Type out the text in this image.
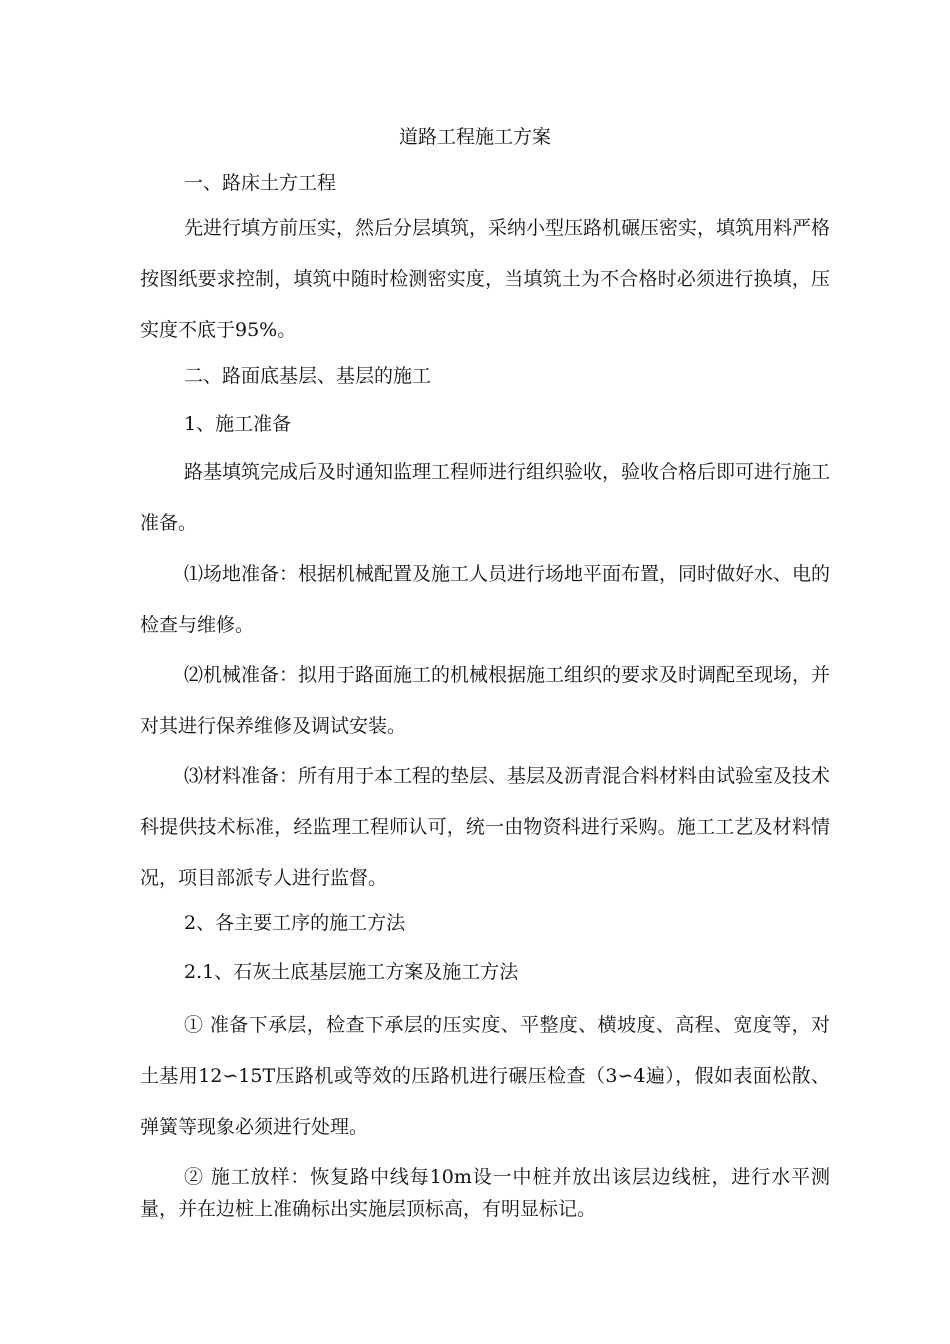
道路工程施工方案
一、路床土方工程

先进行填方前压实，然后分层填筑，采纳小型压路机碾压密实，填筑用料严格按图纸要求控制，填筑中随时检测密实度，当填筑土为不合格时必须进行换填，压实度不底于95%。

二、路面底基层、基层的施工
1、施工准备

路基填筑完成后及时通知监理工程师进行组织验收，验收合格后即可进行施工准备。

⑴场地准备：根据机械配置及施工人员进行场地平面布置，同时做好水、电的检查与维修。

⑵机械准备：拟用于路面施工的机械根据施工组织的要求及时调配至现场，并对其进行保养维修及调试安装。

⑶材料准备：所有用于本工程的垫层、基层及沥青混合料材料由试验室及技术科提供技术标准，经监理工程师认可，统一由物资科进行采购。施工工艺及材料情况，项目部派专人进行监督。

2、各主要工序的施工方法
2.1、石灰土底基层施工方案及施工方法

① 准备下承层，检查下承层的压实度、平整度、横坡度、高程、宽度等，对土基用12∽15T压路机或等效的压路机进行碾压检查（3∽4遍），假如表面松散、弹簧等现象必须进行处理。

② 施工放样：恢复路中线每10m设一中桩并放出该层边线桩，进行水平测量，并在边桩上准确标出实施层顶标高，有明显标记。
